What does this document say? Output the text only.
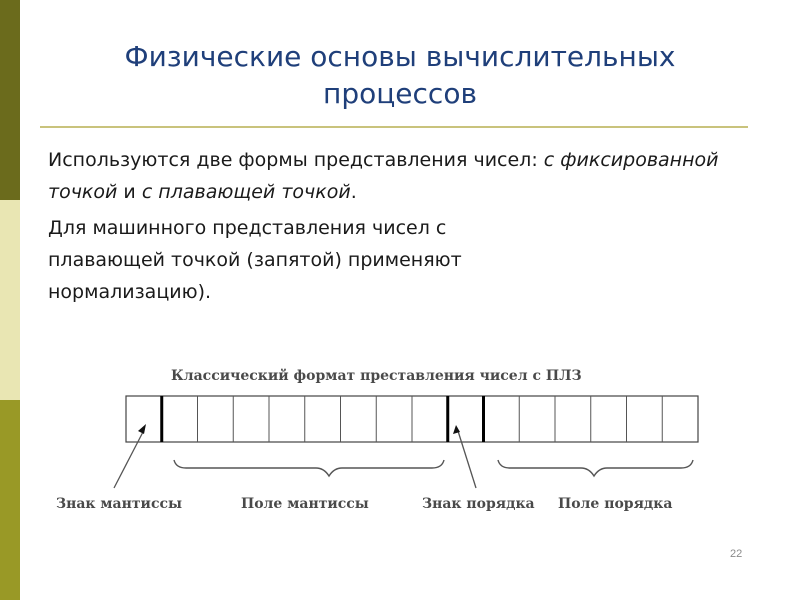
Физические основы вычислительных
процессов
Используются две формы представления чисел: с фиксированной точкой и с плавающей точкой.
Для машинного представления чисел с
плавающей точкой (запятой) применяют
нормализацию).
Классический формат преставления чисел с ПЛЗ
Знак мантиссы	Поле мантиссы	Знак порядка Поле порядка
22
